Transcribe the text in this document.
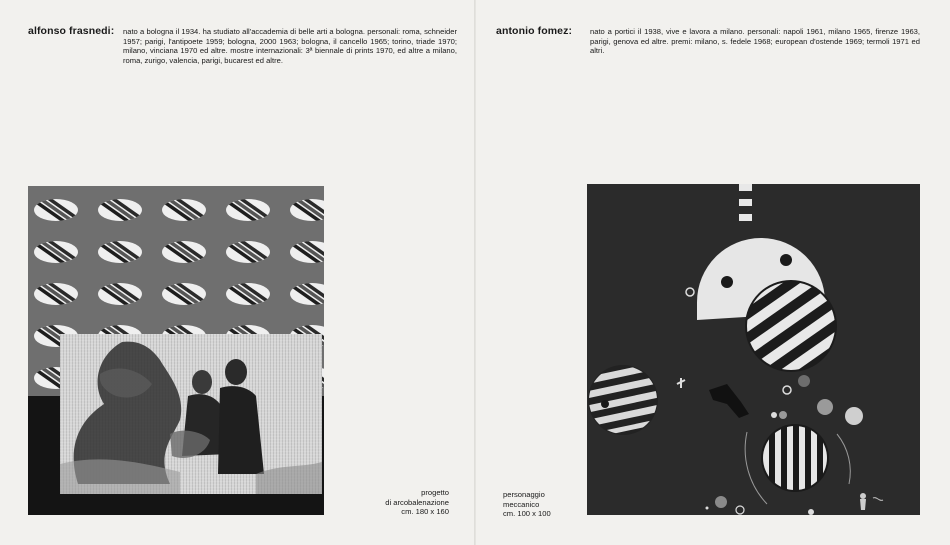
alfonso frasnedi: nato a bologna il 1934. ha studiato all'accademia di belle arti a bologna. personali: roma, schneider 1957; parigi, l'antipoete 1959; bologna, 2000 1963; bologna, il cancello 1965; torino, triade 1970; milano, vinciana 1970 ed altre. mostre internazionali: 3ª biennale di prints 1970, ed altre a milano, roma, zurigo, valencia, parigi, bucarest ed altre.
progetto
di arcobalenazione
cm. 180 x 160
antonio fomez: nato a portici il 1938, vive e lavora a milano. personali: napoli 1961, milano 1965, firenze 1963, parigi, genova ed altre. premi: milano, s. fedele 1968; european d'ostende 1969; termoli 1971 ed altri.
personaggio
meccanico
cm. 100 x 100
